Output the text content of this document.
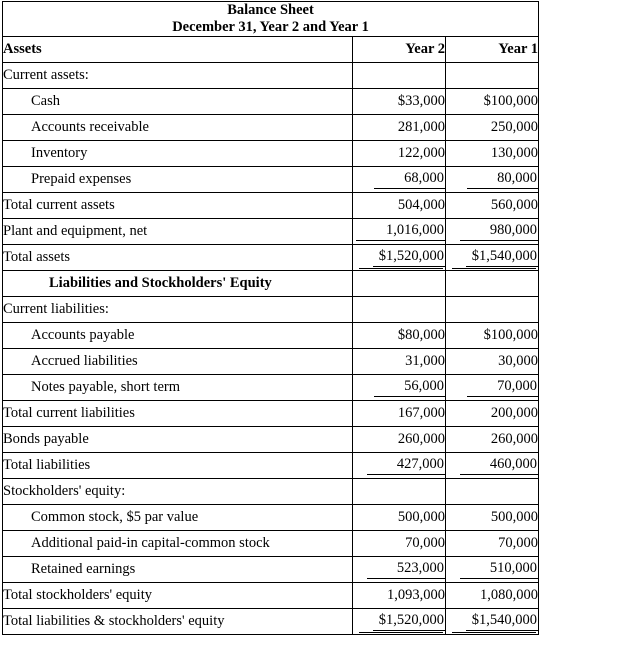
Balance Sheet
December 31, Year 2 and Year 1		

Assets	Year 2	Year 1
Current assets:		
Cash	$33,000	$100,000
Accounts receivable	281,000	250,000
Inventory	122,000	130,000
Prepaid expenses	68,000	80,000
Total current assets	504,000	560,000
Plant and equipment, net	1,016,000	980,000
Total assets	$1,520,000	$1,540,000
Liabilities and Stockholders' Equity		
Current liabilities:		
Accounts payable	$80,000	$100,000
Accrued liabilities	31,000	30,000
Notes payable, short term	56,000	70,000
Total current liabilities	167,000	200,000
Bonds payable	260,000	260,000
Total liabilities	427,000	460,000
Stockholders' equity:		
Common stock, $5 par value	500,000	500,000
Additional paid-in capital-common stock	70,000	70,000
Retained earnings	523,000	510,000
Total stockholders' equity	1,093,000	1,080,000
Total liabilities & stockholders' equity	$1,520,000	$1,540,000
